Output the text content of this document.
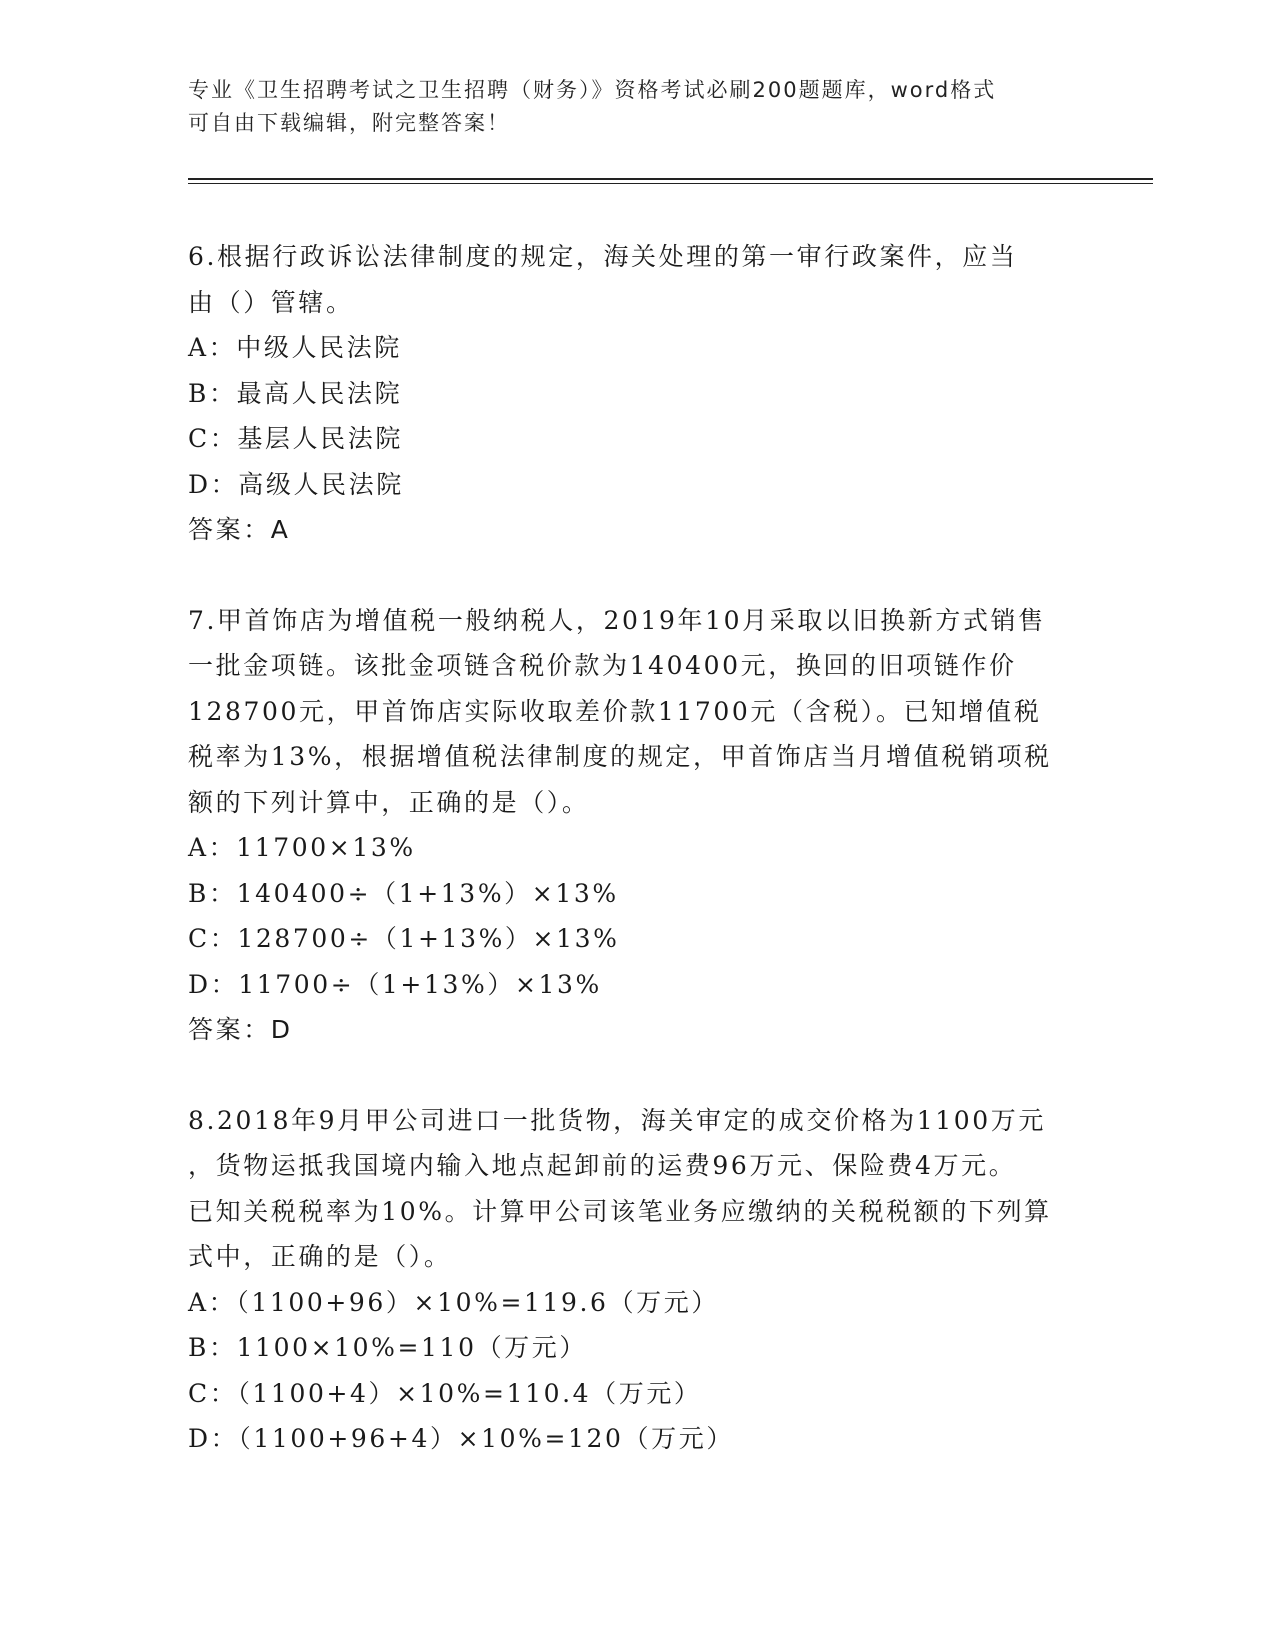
专业《卫生招聘考试之卫生招聘（财务）》资格考试必刷200题题库，word格式
可自由下载编辑，附完整答案！
6.根据行政诉讼法律制度的规定，海关处理的第一审行政案件，应当
由（）管辖。
A：中级人民法院
B：最高人民法院
C：基层人民法院
D：高级人民法院
答案：A
7.甲首饰店为增值税一般纳税人，2019年10月采取以旧换新方式销售
一批金项链。该批金项链含税价款为140400元，换回的旧项链作价
128700元，甲首饰店实际收取差价款11700元（含税）。已知增值税
税率为13%，根据增值税法律制度的规定，甲首饰店当月增值税销项税
额的下列计算中，正确的是（）。
A：11700×13%
B：140400÷（1+13%）×13%
C：128700÷（1+13%）×13%
D：11700÷（1+13%）×13%
答案：D
8.2018年9月甲公司进口一批货物，海关审定的成交价格为1100万元
，货物运抵我国境内输入地点起卸前的运费96万元、保险费4万元。
已知关税税率为10%。计算甲公司该笔业务应缴纳的关税税额的下列算
式中，正确的是（）。
A：（1100+96）×10%=119.6（万元）
B：1100×10%=110（万元）
C：（1100+4）×10%=110.4（万元）
D：（1100+96+4）×10%=120（万元）
